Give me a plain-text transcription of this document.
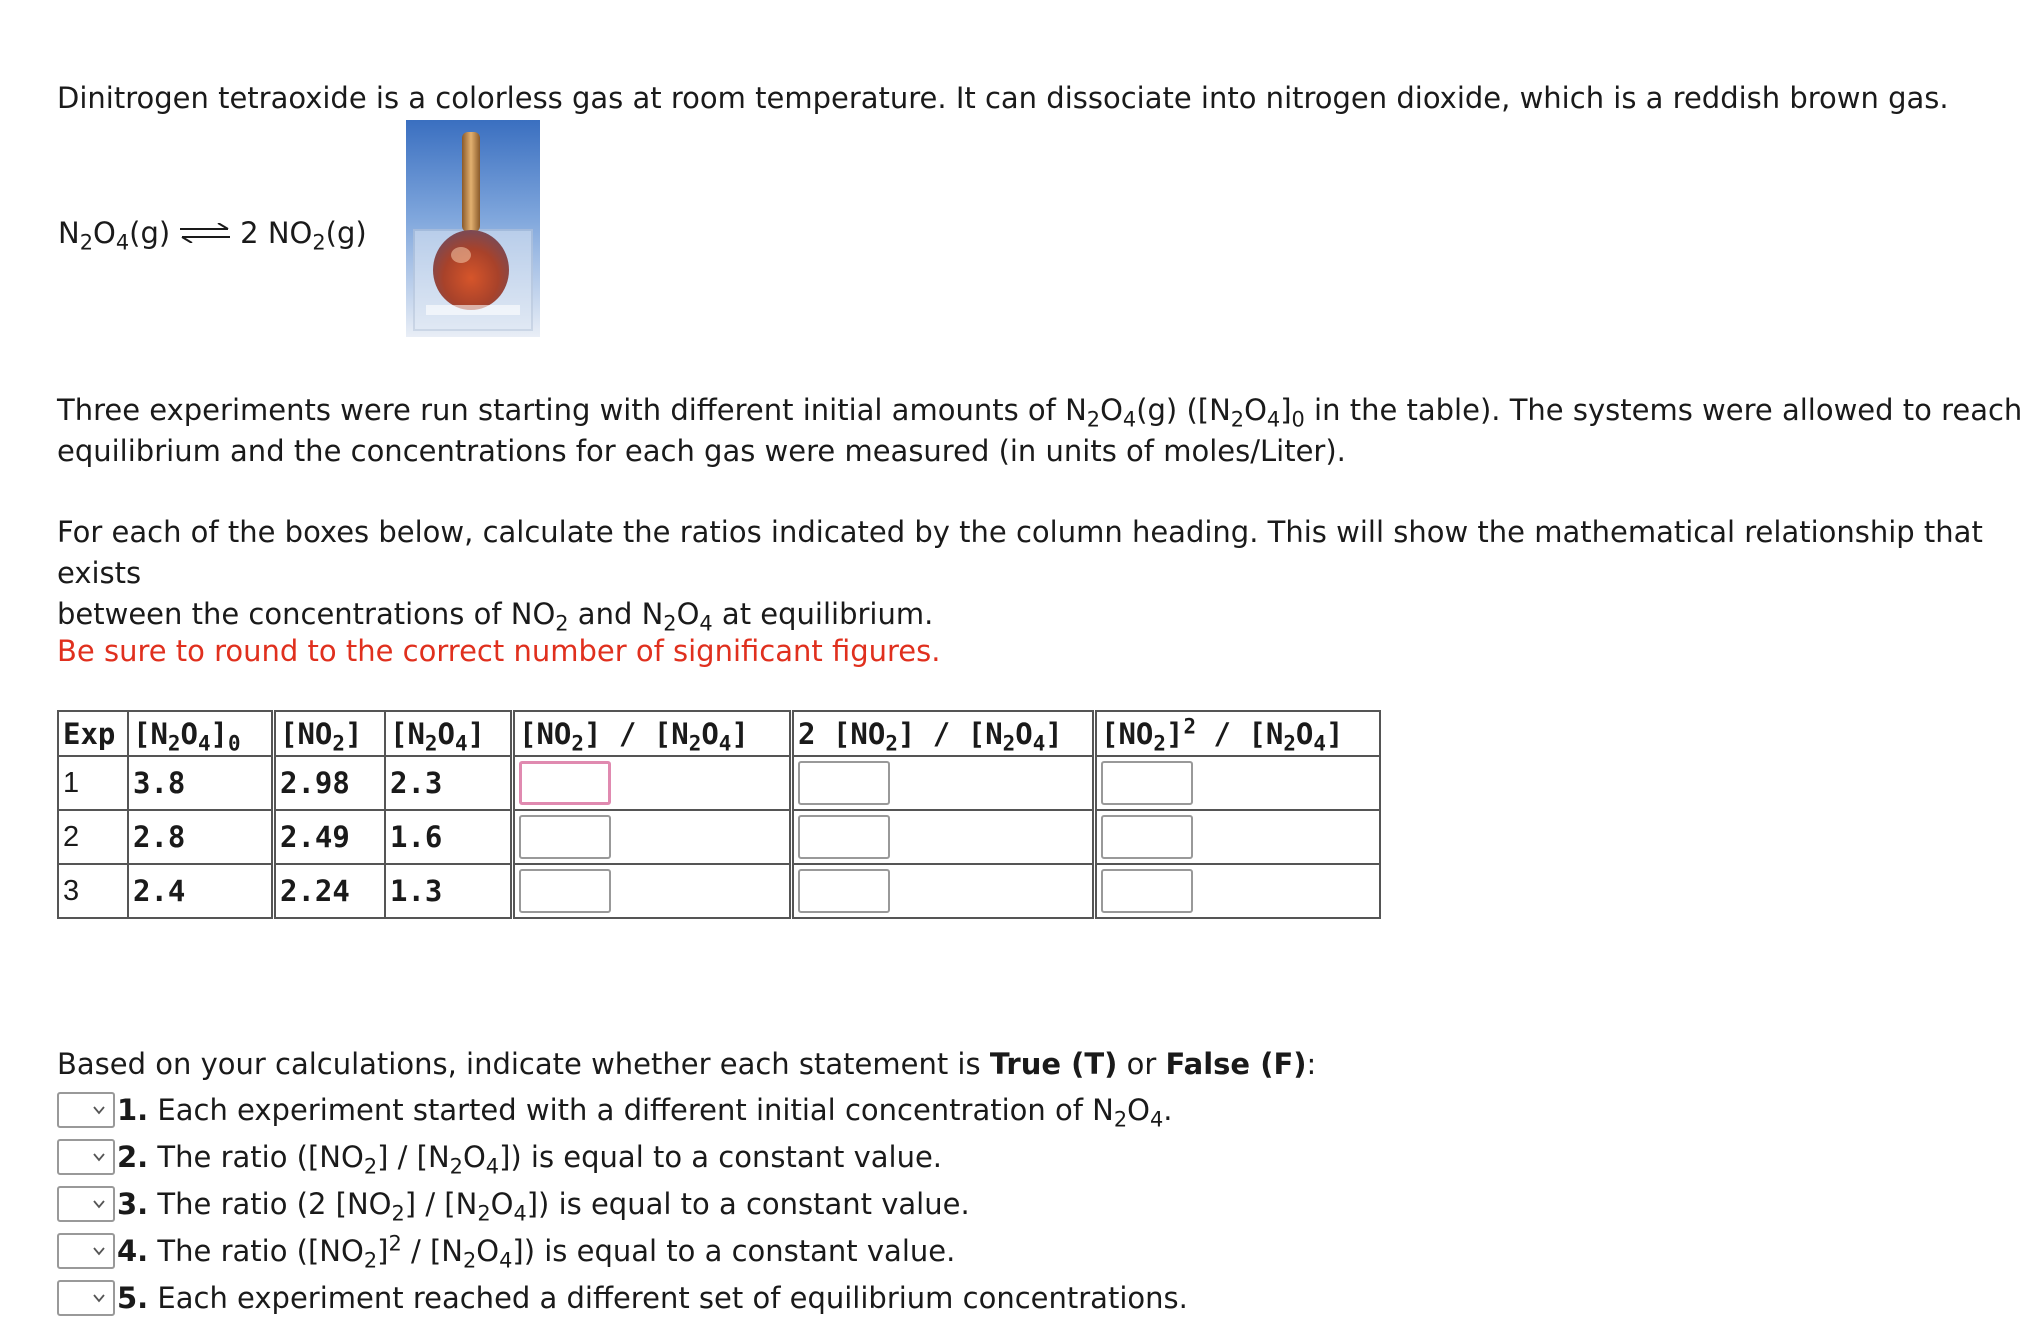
Dinitrogen tetraoxide is a colorless gas at room temperature. It can dissociate into nitrogen dioxide, which is a reddish brown gas.

$N_2O_4(g)$ ⇌ 2 $NO_2(g)$

Three experiments were run starting with different initial amounts of $N_2O_4(g)$ ($[N_2O_4]_0$ in the table). The systems were allowed to reach
equilibrium and the concentrations for each gas were measured (in units of moles/Liter).

For each of the boxes below, calculate the ratios indicated by the column heading. This will show the mathematical relationship that exists
between the concentrations of $NO_2$ and $N_2O_4$ at equilibrium.

Be sure to round to the correct number of significant figures.

Exp	$[N_2O_4]_0$	$[NO_2]$	$[N_2O_4]$	$[NO_2] / [N_2O_4]$	2 $[NO_2] / [N_2O_4]$	$[NO_2]^2 / [N_2O_4]$
1	3.8	2.98	2.3	

2	2.8	2.49	1.6	

3	2.4	2.24	1.3	

Based on your calculations, indicate whether each statement is True (T) or False (F):
1.
Each experiment started with a different initial concentration of $N_2O_4$.
2.
The ratio $([NO_2] / [N_2O_4])$ is equal to a constant value.
3.
The ratio (2 $[NO_2] / [N_2O_4]$) is equal to a constant value.
4.
The ratio $([NO_2]^2 / [N_2O_4])$ is equal to a constant value.
5.
Each experiment reached a different set of equilibrium concentrations.
